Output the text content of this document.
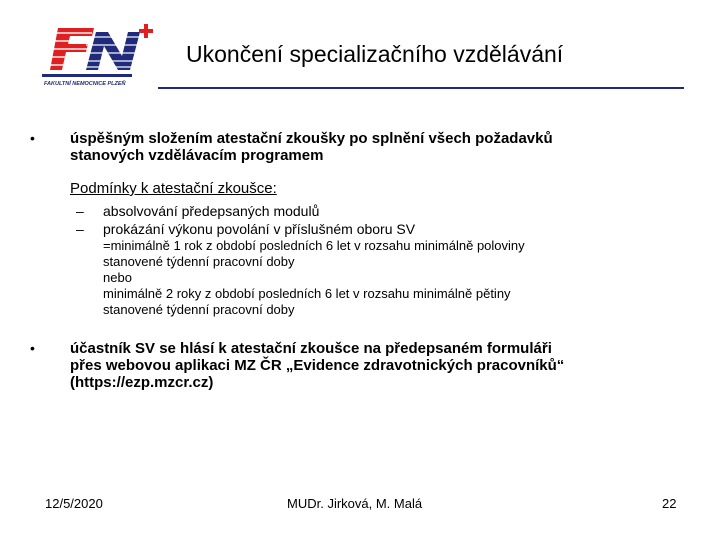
FAKULTNÍ NEMOCNICE PLZEŇ
Ukončení specializačního vzdělávání
• úspěšným složením atestační zkoušky po splnění všech požadavků
stanových vzdělávacím programem
Podmínky k atestační zkoušce:
– absolvování předepsaných modulů
– prokázání výkonu povolání v příslušném oboru SV
=minimálně 1 rok z období posledních 6 let v rozsahu minimálně poloviny
stanovené týdenní pracovní doby
nebo
minimálně 2 roky z období posledních 6 let v rozsahu minimálně pětiny
stanovené týdenní pracovní doby
• účastník SV se hlásí k atestační zkoušce na předepsaném formuláři
přes webovou aplikaci MZ ČR „Evidence zdravotnických pracovníků“
(https://ezp.mzcr.cz)
12/5/2020	MUDr. Jirková, M. Malá	22
